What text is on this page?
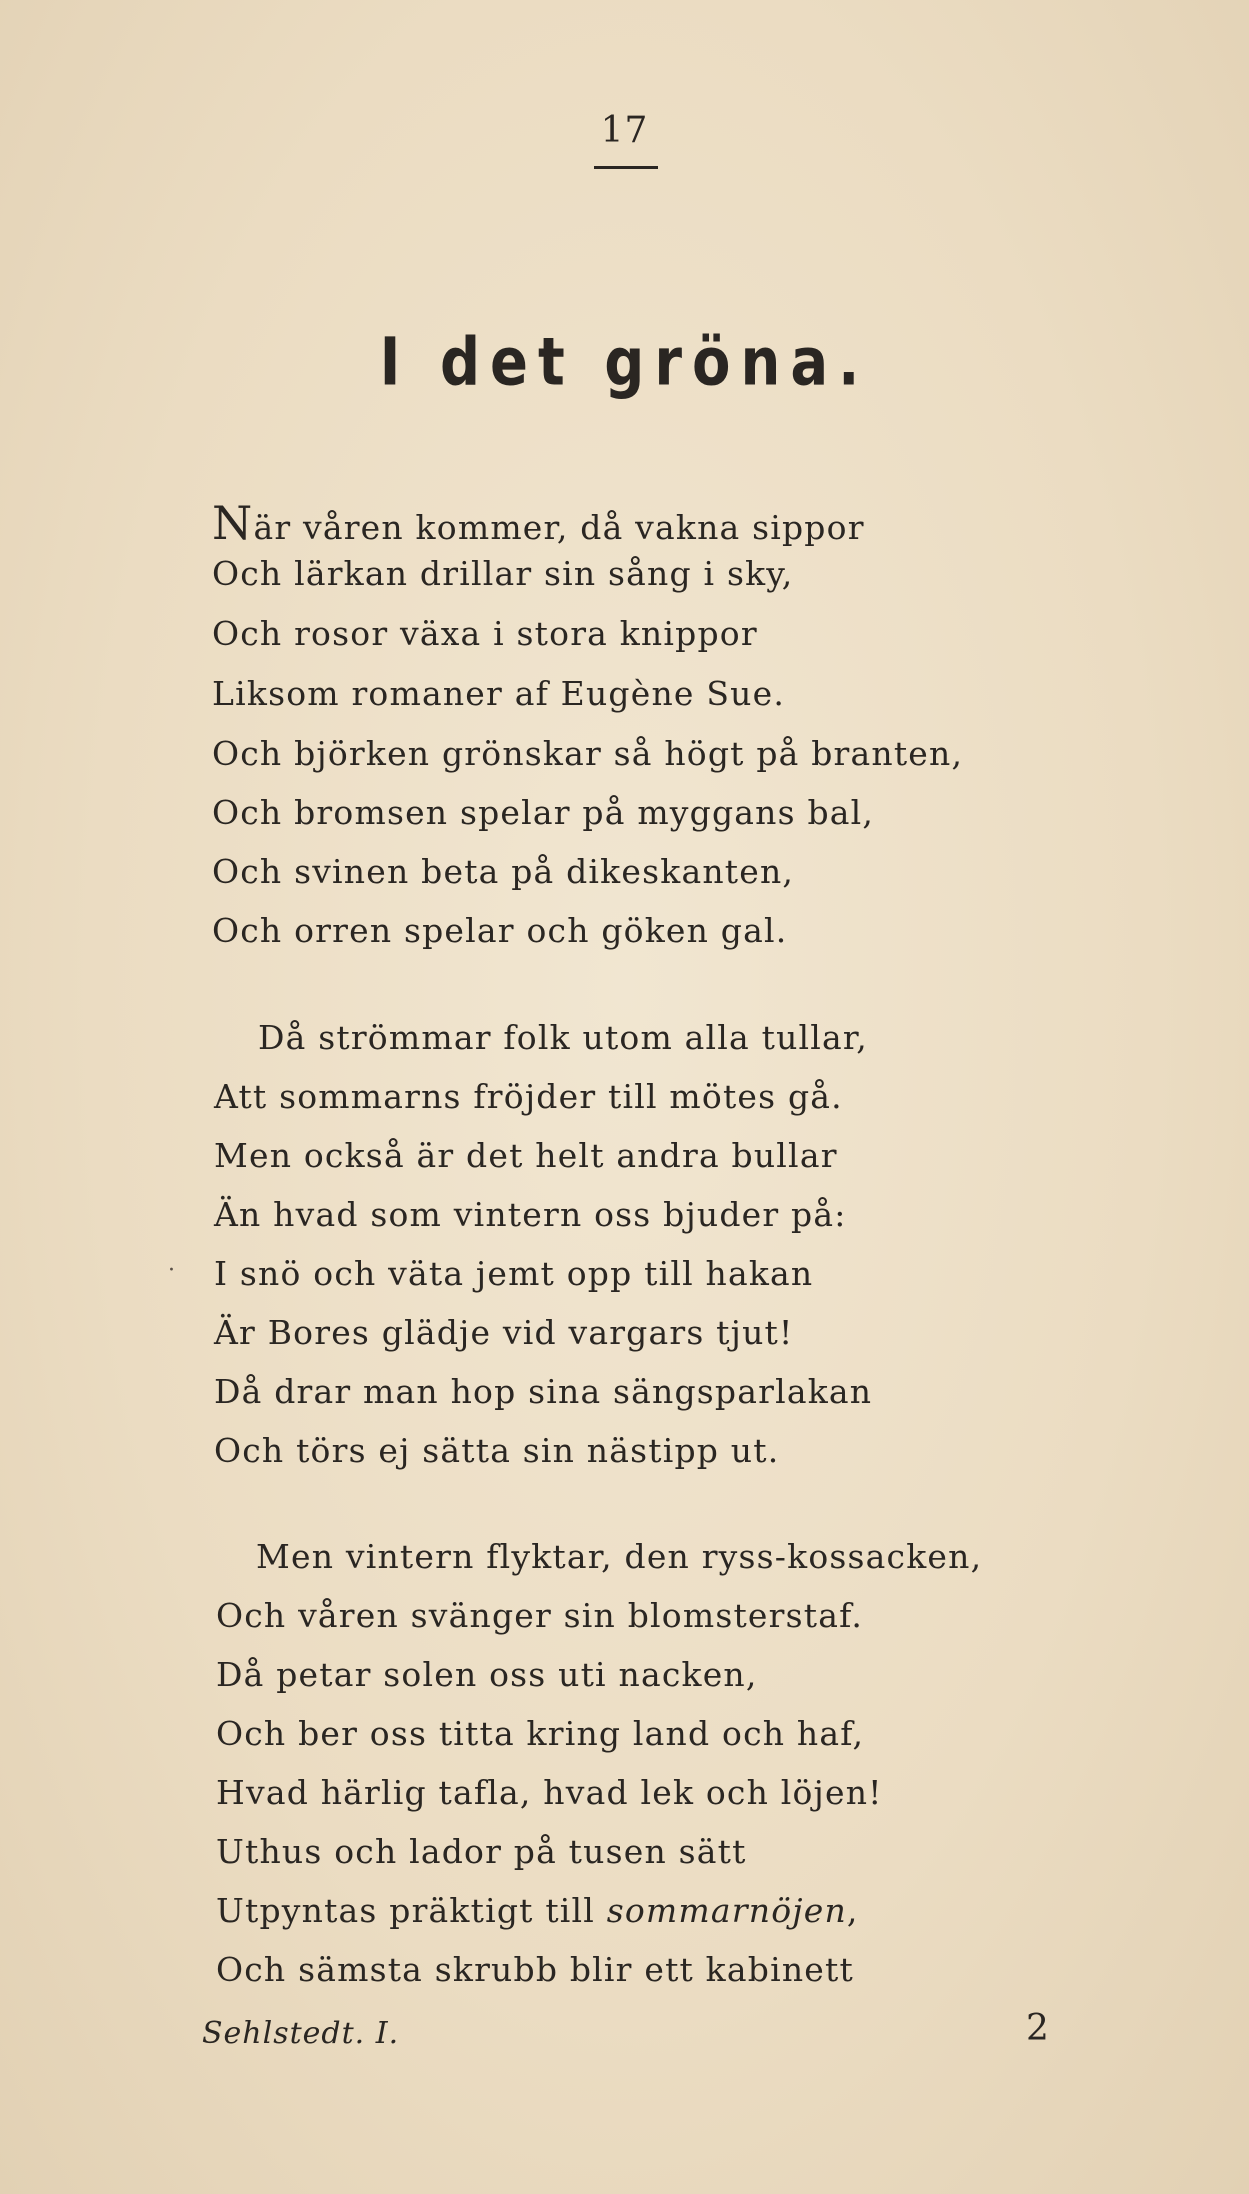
17
I det gröna.
När våren kommer, då vakna sippor
Och lärkan drillar sin sång i sky,
Och rosor växa i stora knippor
Liksom romaner af Eugène Sue.
Och björken grönskar så högt på branten,
Och bromsen spelar på myggans bal,
Och svinen beta på dikeskanten,
Och orren spelar och göken gal.
Då strömmar folk utom alla tullar,
Att sommarns fröjder till mötes gå.
Men också är det helt andra bullar
Än hvad som vintern oss bjuder på:
I snö och väta jemt opp till hakan
Är Bores glädje vid vargars tjut!
Då drar man hop sina sängsparlakan
Och törs ej sätta sin nästipp ut.
·
Men vintern flyktar, den ryss-kossacken,
Och våren svänger sin blomsterstaf.
Då petar solen oss uti nacken,
Och ber oss titta kring land och haf,
Hvad härlig tafla, hvad lek och löjen!
Uthus och lador på tusen sätt
Utpyntas präktigt till sommarnöjen,
Och sämsta skrubb blir ett kabinett
Sehlstedt. I.	2
